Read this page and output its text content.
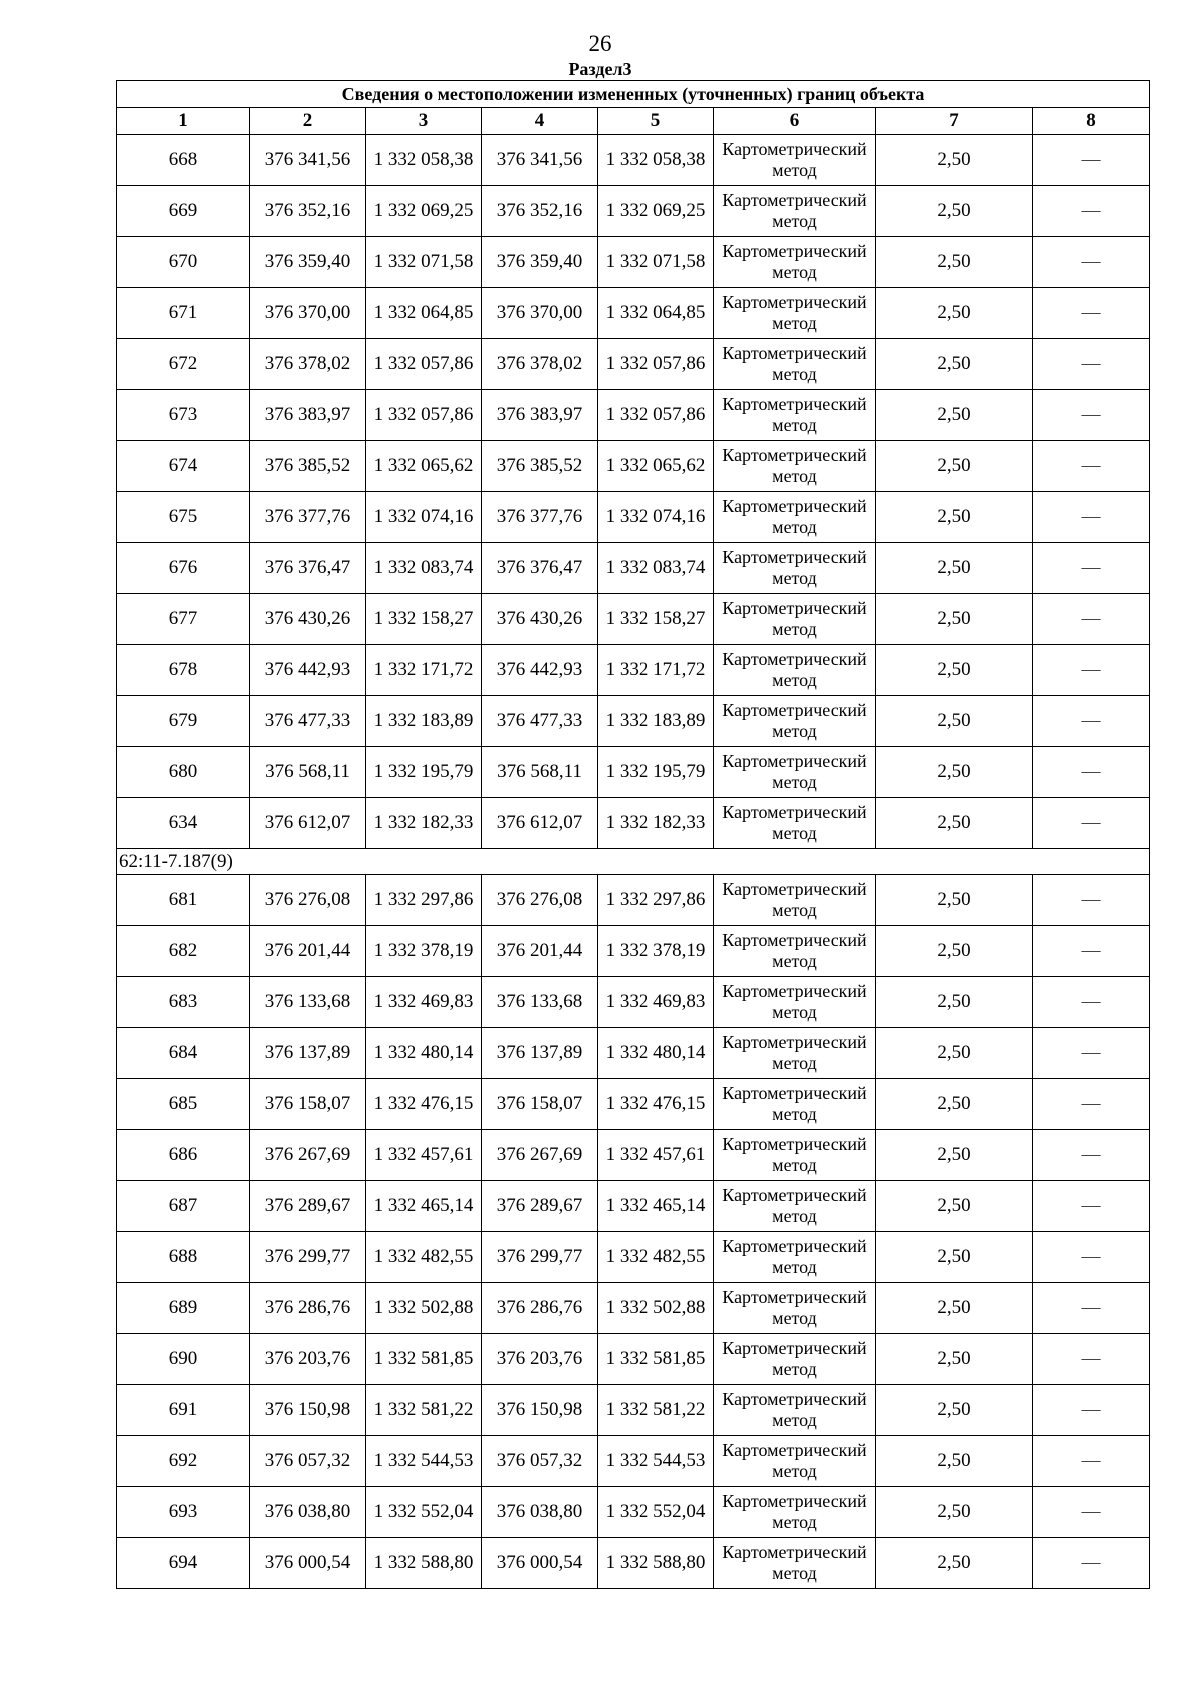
26
Раздел3
Сведения о местоположении измененных (уточненных) границ объекта							
1	2	3	4	5	6	7	8
668	376 341,56	1 332 058,38	376 341,56	1 332 058,38	Картометрический метод	2,50	—
669	376 352,16	1 332 069,25	376 352,16	1 332 069,25	Картометрический метод	2,50	—
670	376 359,40	1 332 071,58	376 359,40	1 332 071,58	Картометрический метод	2,50	—
671	376 370,00	1 332 064,85	376 370,00	1 332 064,85	Картометрический метод	2,50	—
672	376 378,02	1 332 057,86	376 378,02	1 332 057,86	Картометрический метод	2,50	—
673	376 383,97	1 332 057,86	376 383,97	1 332 057,86	Картометрический метод	2,50	—
674	376 385,52	1 332 065,62	376 385,52	1 332 065,62	Картометрический метод	2,50	—
675	376 377,76	1 332 074,16	376 377,76	1 332 074,16	Картометрический метод	2,50	—
676	376 376,47	1 332 083,74	376 376,47	1 332 083,74	Картометрический метод	2,50	—
677	376 430,26	1 332 158,27	376 430,26	1 332 158,27	Картометрический метод	2,50	—
678	376 442,93	1 332 171,72	376 442,93	1 332 171,72	Картометрический метод	2,50	—
679	376 477,33	1 332 183,89	376 477,33	1 332 183,89	Картометрический метод	2,50	—
680	376 568,11	1 332 195,79	376 568,11	1 332 195,79	Картометрический метод	2,50	—
634	376 612,07	1 332 182,33	376 612,07	1 332 182,33	Картометрический метод	2,50	—
62:11-7.187(9)							
681	376 276,08	1 332 297,86	376 276,08	1 332 297,86	Картометрический метод	2,50	—
682	376 201,44	1 332 378,19	376 201,44	1 332 378,19	Картометрический метод	2,50	—
683	376 133,68	1 332 469,83	376 133,68	1 332 469,83	Картометрический метод	2,50	—
684	376 137,89	1 332 480,14	376 137,89	1 332 480,14	Картометрический метод	2,50	—
685	376 158,07	1 332 476,15	376 158,07	1 332 476,15	Картометрический метод	2,50	—
686	376 267,69	1 332 457,61	376 267,69	1 332 457,61	Картометрический метод	2,50	—
687	376 289,67	1 332 465,14	376 289,67	1 332 465,14	Картометрический метод	2,50	—
688	376 299,77	1 332 482,55	376 299,77	1 332 482,55	Картометрический метод	2,50	—
689	376 286,76	1 332 502,88	376 286,76	1 332 502,88	Картометрический метод	2,50	—
690	376 203,76	1 332 581,85	376 203,76	1 332 581,85	Картометрический метод	2,50	—
691	376 150,98	1 332 581,22	376 150,98	1 332 581,22	Картометрический метод	2,50	—
692	376 057,32	1 332 544,53	376 057,32	1 332 544,53	Картометрический метод	2,50	—
693	376 038,80	1 332 552,04	376 038,80	1 332 552,04	Картометрический метод	2,50	—
694	376 000,54	1 332 588,80	376 000,54	1 332 588,80	Картометрический метод	2,50	—
